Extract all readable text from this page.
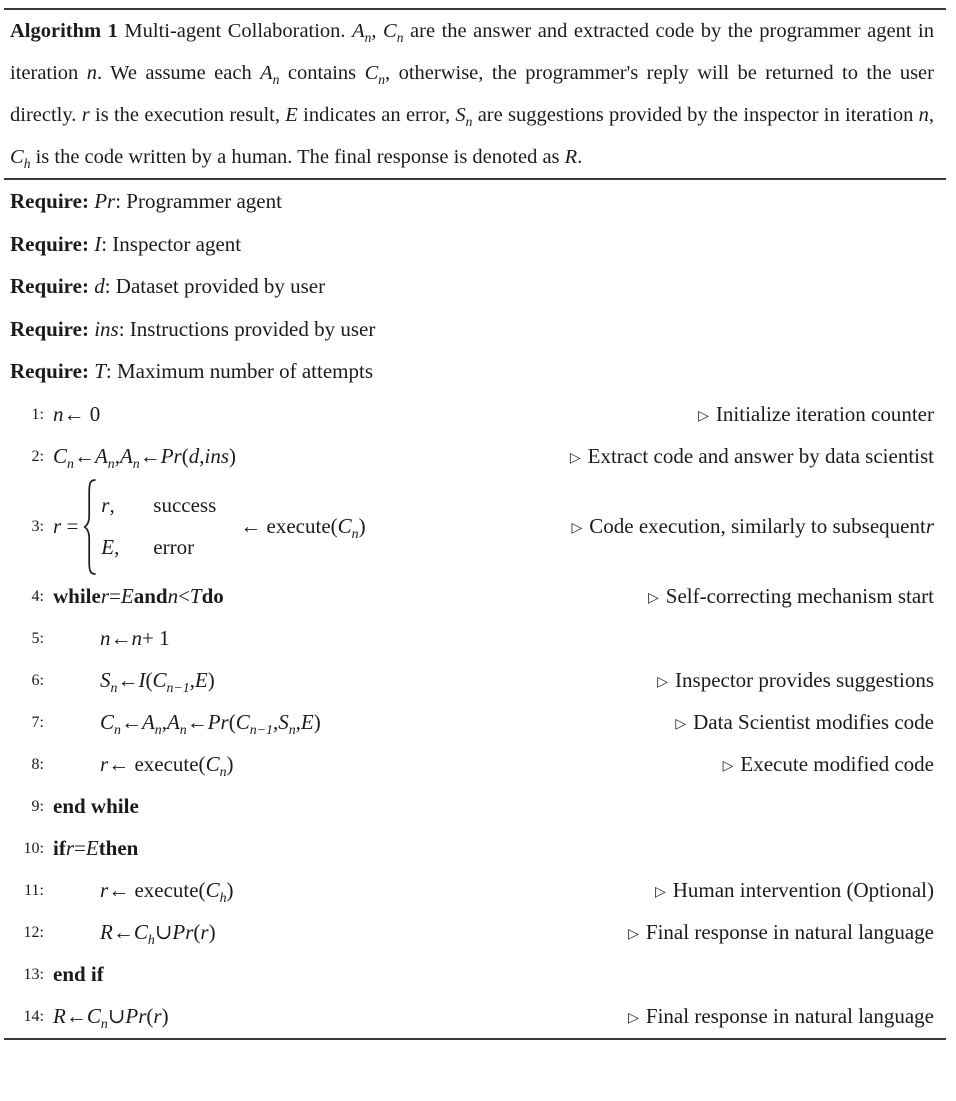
Algorithm 1 Multi-agent Collaboration. $A_n$, $C_n$ are the answer and extracted code by the programmer agent in iteration n. We assume each $A_n$ contains $C_n$, otherwise, the programmer's reply will be returned to the user directly. r is the execution result, E indicates an error, $S_n$ are suggestions provided by the inspector in iteration n, $C_h$ is the code written by a human. The final response is denoted as R.
Require: Pr: Programmer agent
Require: I: Inspector agent
Require: d: Dataset provided by user
Require: ins: Instructions provided by user
Require: T: Maximum number of attempts
1: n ← 0	▷ Initialize iteration counter
2: $C_n$ ← $A_n$ , $A_n$ ← Pr ( d , ins )	▷ Extract code and answer by data scientist
3: r =
r,	success
E,	error
← $execute(C_n)$	▷ Code execution, similarly to subsequent r
4: while r = E and n < T do	▷ Self-correcting mechanism start
5:	n ← n + 1
6:	$S_n$ ← I ( $C_{n-1}$ , E )	▷ Inspector provides suggestions
7:	$C_n$ ← $A_n$ , $A_n$ ← Pr ( $C_{n-1}$ , $S_n$ , E )	▷ Data Scientist modifies code
8:	r ← execute( $C_n$ )	▷ Execute modified code
9: end while
10: if r = E then
11:	r ← execute( $C_h$ )	▷ Human intervention (Optional)
12:	R ← $C_h$ ∪ Pr ( r )	▷ Final response in natural language
13: end if
14: R ← $C_n$ ∪ Pr ( r )	▷ Final response in natural language
